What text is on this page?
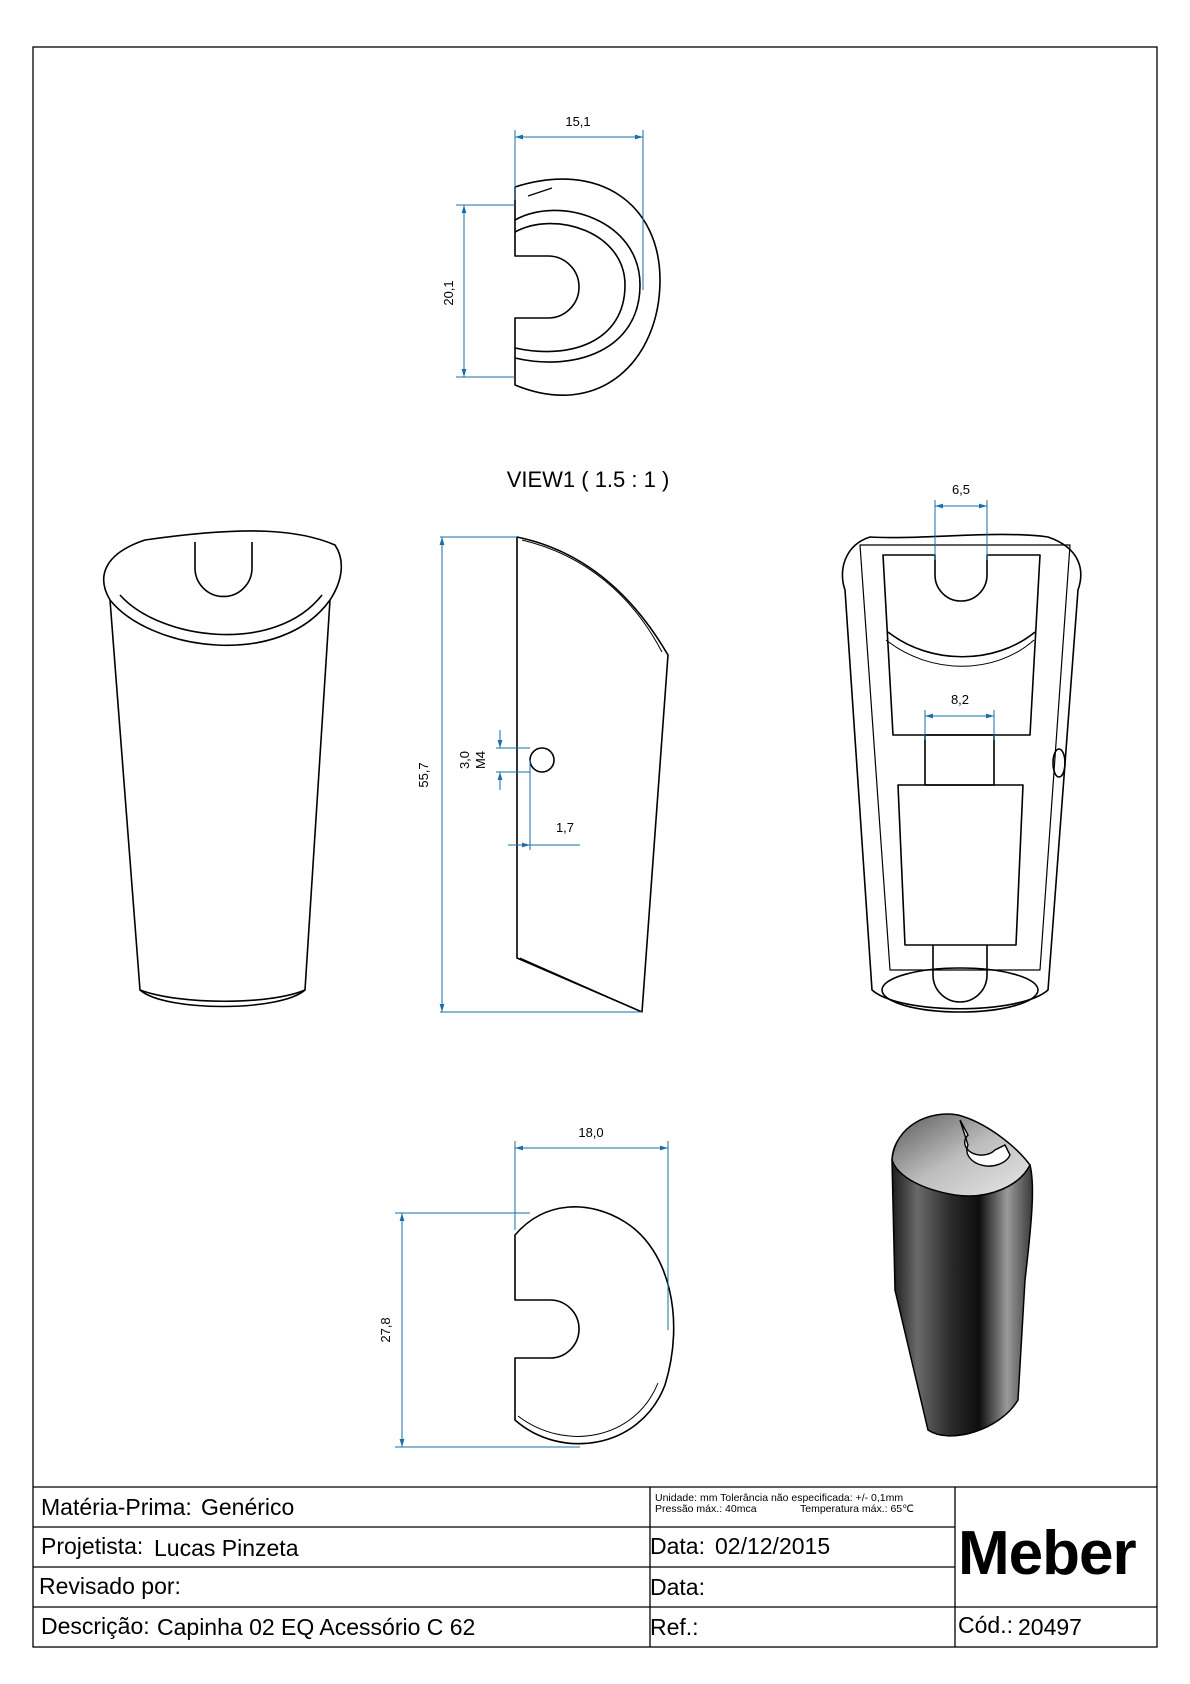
15,1
20,1
VIEW1 ( 1.5 : 1 )
55,7
3,0 M4
1,7
6,5
8,2
18,0
27,8
Matéria-Prima: Genérico
Projetista: Lucas Pinzeta
Revisado por:
Descrição: Capinha 02 EQ Acessório C 62
Unidade: mm Tolerância não especificada: +/- 0,1mm
Pressão máx.: 40mca	Temperatura máx.: 65℃
Data: 02/12/2015
Data:
Ref.:
Meber
Cód.: 20497
